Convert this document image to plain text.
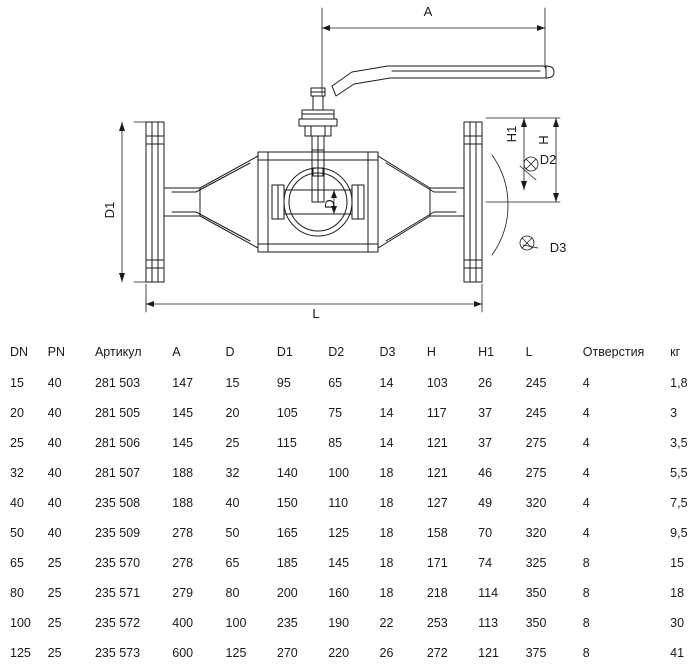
A
D1	D
D2
D3
H
H1
L
DN	PN	Артикул	A	D	D1	D2	D3	H	H1	L	Отверстия	кг
15	40	281 503	147	15	95	65	14	103	26	245	4	1,8
20	40	281 505	145	20	105	75	14	117	37	245	4	3
25	40	281 506	145	25	115	85	14	121	37	275	4	3,5
32	40	281 507	188	32	140	100	18	121	46	275	4	5,5
40	40	235 508	188	40	150	110	18	127	49	320	4	7,5
50	40	235 509	278	50	165	125	18	158	70	320	4	9,5
65	25	235 570	278	65	185	145	18	171	74	325	8	15
80	25	235 571	279	80	200	160	18	218	114	350	8	18
100	25	235 572	400	100	235	190	22	253	113	350	8	30
125	25	235 573	600	125	270	220	26	272	121	375	8	41
